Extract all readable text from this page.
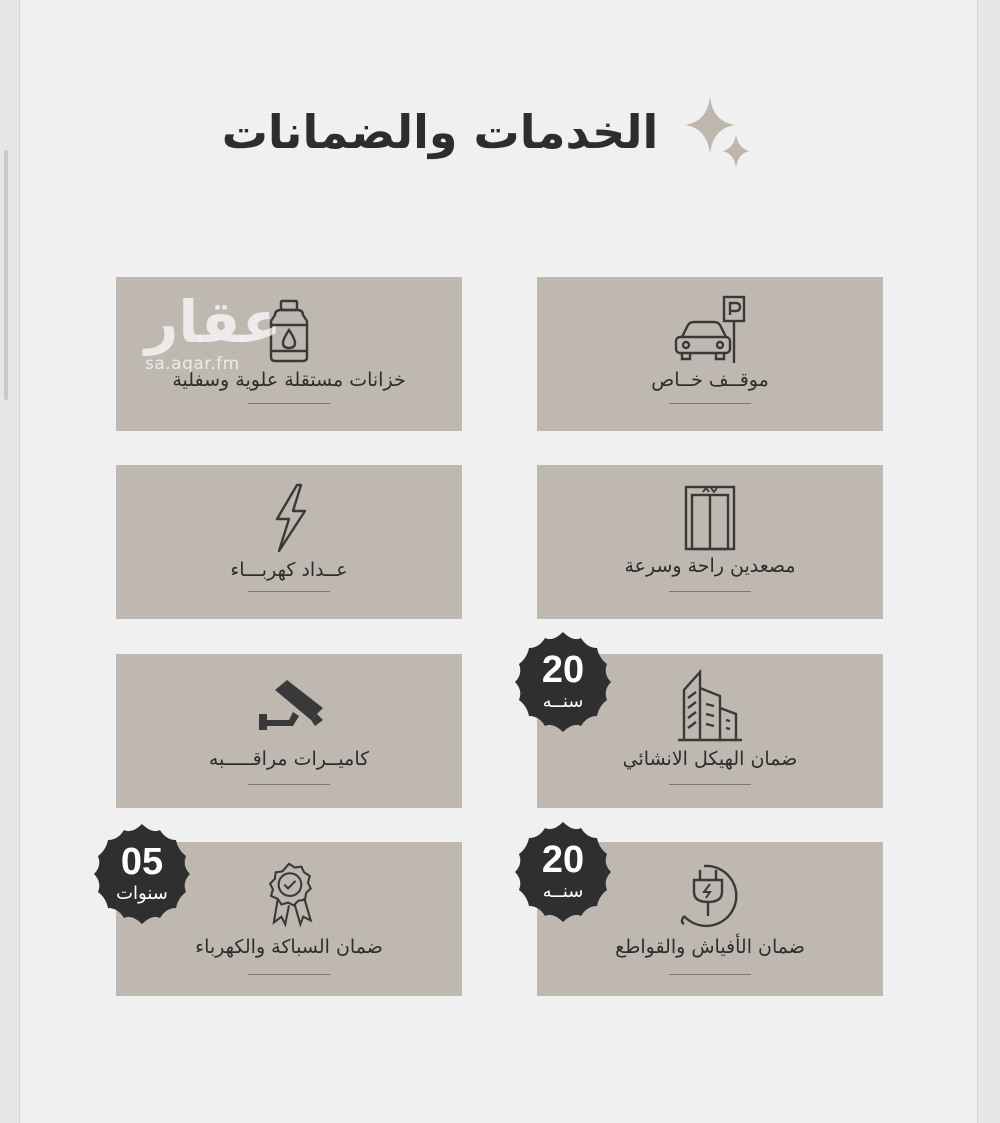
الخدمات والضمانات
خزانات مستقلة علوية وسفلية	موقــف خــاص
عــداد كهربـــاء	مصعدين راحة وسرعة
كاميــرات مراقـــــبه	ضمان الهيكل الانشائي
ضمان السباكة والكهرباء	ضمان الأفياش والقواطع
20
سنــه
05
سنوات
20
سنــه
عقار
sa.aqar.fm
